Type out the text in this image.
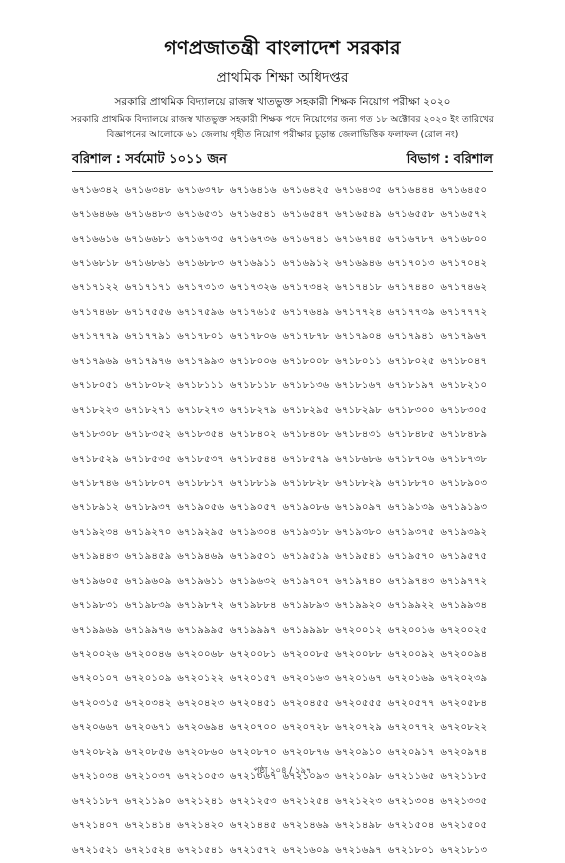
গণপ্রজাতন্ত্রী বাংলাদেশ সরকার
প্রাথমিক শিক্ষা অধিদপ্তর
সরকারি প্রাথমিক বিদ্যালয়ে রাজস্ব খাতভুক্ত সহকারী শিক্ষক নিয়োগ পরীক্ষা ২০২০
সরকারি প্রাথমিক বিদ্যালয়ে রাজস্ব খাতভুক্ত সহকারী শিক্ষক পদে নিয়োগের জন্য গত ১৮ অক্টোবর ২০২০ ইং তারিখের
বিজ্ঞাপনের আলোকে ৬১ জেলায় গৃহীত নিয়োগ পরীক্ষার চূড়ান্ত জেলাভিত্তিক ফলাফল (রোল নং)
বরিশাল : সর্বমোট ১০১১ জন	বিভাগ : বরিশাল
৬৭১৬৩৪২ ৬৭১৬৩৪৮ ৬৭১৬৩৭৮ ৬৭১৬৪১৬ ৬৭১৬৪২৫ ৬৭১৬৪৩৫ ৬৭১৬৪৪৪ ৬৭১৬৪৫০
৬৭১৬৪৬৬ ৬৭১৬৪৮৩ ৬৭১৬৫৩১ ৬৭১৬৫৪১ ৬৭১৬৫৪৭ ৬৭১৬৫৪৯ ৬৭১৬৫৫৮ ৬৭১৬৫৭২
৬৭১৬৬১৬ ৬৭১৬৬৮১ ৬৭১৬৭৩৫ ৬৭১৬৭৩৬ ৬৭১৬৭৪১ ৬৭১৬৭৪৫ ৬৭১৬৭৮৭ ৬৭১৬৮০০
৬৭১৬৮১৮ ৬৭১৬৮৬১ ৬৭১৬৮৮৩ ৬৭১৬৯১১ ৬৭১৬৯১২ ৬৭১৬৯৪৬ ৬৭১৭০১৩ ৬৭১৭০৪২
৬৭১৭১২২ ৬৭১৭১৭১ ৬৭১৭৩১৩ ৬৭১৭৩২৬ ৬৭১৭৩৪২ ৬৭১৭৪১৮ ৬৭১৭৪৪০ ৬৭১৭৪৬২
৬৭১৭৪৬৮ ৬৭১৭৫৫৬ ৬৭১৭৫৯৬ ৬৭১৭৬১৫ ৬৭১৭৬৪৯ ৬৭১৭৭২৪ ৬৭১৭৭৩৯ ৬৭১৭৭৭২
৬৭১৭৭৭৯ ৬৭১৭৭৯১ ৬৭১৭৮০১ ৬৭১৭৮০৬ ৬৭১৭৮৭৮ ৬৭১৭৯০৪ ৬৭১৭৯৪১ ৬৭১৭৯৬৭
৬৭১৭৯৬৯ ৬৭১৭৯৭৬ ৬৭১৭৯৯৩ ৬৭১৮০০৬ ৬৭১৮০০৮ ৬৭১৮০১১ ৬৭১৮০২৫ ৬৭১৮০৪৭
৬৭১৮০৫১ ৬৭১৮০৮২ ৬৭১৮১১১ ৬৭১৮১১৮ ৬৭১৮১৩৬ ৬৭১৮১৬৭ ৬৭১৮১৯৭ ৬৭১৮২১০
৬৭১৮২২৩ ৬৭১৮২৭১ ৬৭১৮২৭৩ ৬৭১৮২৭৯ ৬৭১৮২৯৫ ৬৭১৮২৯৮ ৬৭১৮৩০০ ৬৭১৮৩০৫
৬৭১৮৩০৮ ৬৭১৮৩৫২ ৬৭১৮৩৫৪ ৬৭১৮৪০২ ৬৭১৮৪০৮ ৬৭১৮৪৩১ ৬৭১৮৪৮৫ ৬৭১৮৪৮৯
৬৭১৮৫২৯ ৬৭১৮৫৩৫ ৬৭১৮৫৩৭ ৬৭১৮৫৪৪ ৬৭১৮৫৭৯ ৬৭১৮৬৮৬ ৬৭১৮৭০৬ ৬৭১৮৭৩৮
৬৭১৮৭৪৬ ৬৭১৮৮০৭ ৬৭১৮৮১৭ ৬৭১৮৮১৯ ৬৭১৮৮২৮ ৬৭১৮৮২৯ ৬৭১৮৮৭০ ৬৭১৮৯০৩
৬৭১৮৯১২ ৬৭১৮৯৩৭ ৬৭১৯০৫৬ ৬৭১৯০৫৭ ৬৭১৯০৮৬ ৬৭১৯০৯৭ ৬৭১৯১৩৯ ৬৭১৯১৯৩
৬৭১৯২৩৪ ৬৭১৯২৭০ ৬৭১৯২৯৫ ৬৭১৯৩০৪ ৬৭১৯৩১৮ ৬৭১৯৩৮০ ৬৭১৯৩৭৫ ৬৭১৯৩৯২
৬৭১৯৪৪৩ ৬৭১৯৪৫৯ ৬৭১৯৪৬৯ ৬৭১৯৫০১ ৬৭১৯৫১৯ ৬৭১৯৫৪১ ৬৭১৯৫৭০ ৬৭১৯৫৭৫
৬৭১৯৬০৫ ৬৭১৯৬০৯ ৬৭১৯৬১১ ৬৭১৯৬৩২ ৬৭১৯৭০৭ ৬৭১৯৭৪০ ৬৭১৯৭৪৩ ৬৭১৯৭৭২
৬৭১৯৮৩১ ৬৭১৯৮৩৯ ৬৭১৯৮৭২ ৬৭১৯৮৮৪ ৬৭১৯৮৯৩ ৬৭১৯৯২০ ৬৭১৯৯২২ ৬৭১৯৯৩৪
৬৭১৯৯৬৯ ৬৭১৯৯৭৬ ৬৭১৯৯৯৫ ৬৭১৯৯৯৭ ৬৭১৯৯৯৮ ৬৭২০০১২ ৬৭২০০১৬ ৬৭২০০২৫
৬৭২০০২৬ ৬৭২০০৪৬ ৬৭২০০৬৮ ৬৭২০০৮১ ৬৭২০০৮৫ ৬৭২০০৮৮ ৬৭২০০৯২ ৬৭২০০৯৪
৬৭২০১০৭ ৬৭২০১০৯ ৬৭২০১২২ ৬৭২০১৫৭ ৬৭২০১৬৩ ৬৭২০১৬৭ ৬৭২০১৬৯ ৬৭২০২৩৯
৬৭২০৩১৫ ৬৭২০৩৪২ ৬৭২০৪২৩ ৬৭২০৪৫১ ৬৭২০৪৫৫ ৬৭২০৫৫৫ ৬৭২০৫৭৭ ৬৭২০৫৮৪
৬৭২০৬৬৭ ৬৭২০৬৭১ ৬৭২০৬৯৪ ৬৭২০৭০০ ৬৭২০৭২৮ ৬৭২০৭২৯ ৬৭২০৭৭২ ৬৭২০৮২২
৬৭২০৮২৯ ৬৭২০৮৫৬ ৬৭২০৮৬০ ৬৭২০৮৭০ ৬৭২০৮৭৬ ৬৭২০৯১০ ৬৭২০৯১৭ ৬৭২০৯৭৪
৬৭২১০৩৪ ৬৭২১০৩৭ ৬৭২১০৫৩ ৬৭২১০৬৭ ৬৭২১০৯৩ ৬৭২১০৯৮ ৬৭২১১৬৫ ৬৭২১১৮৫
৬৭২১১৮৭ ৬৭২১১৯০ ৬৭২১২৪১ ৬৭২১২৫৩ ৬৭২১২৫৪ ৬৭২১২২৩ ৬৭২১৩০৪ ৬৭২১৩৩৫
৬৭২১৪০৭ ৬৭২১৪১৪ ৬৭২১৪২০ ৬৭২১৪৪৫ ৬৭২১৪৬৯ ৬৭২১৪৯৮ ৬৭২১৫০৪ ৬৭২১৫০৫
৬৭২১৫২১ ৬৭২১৫২৪ ৬৭২১৫৪১ ৬৭২১৫৭২ ৬৭২১৬০৯ ৬৭২১৬৯৭ ৬৭২১৮০১ ৬৭২১৮১৩
পৃষ্ঠা ১০৪ / ১৯৭
